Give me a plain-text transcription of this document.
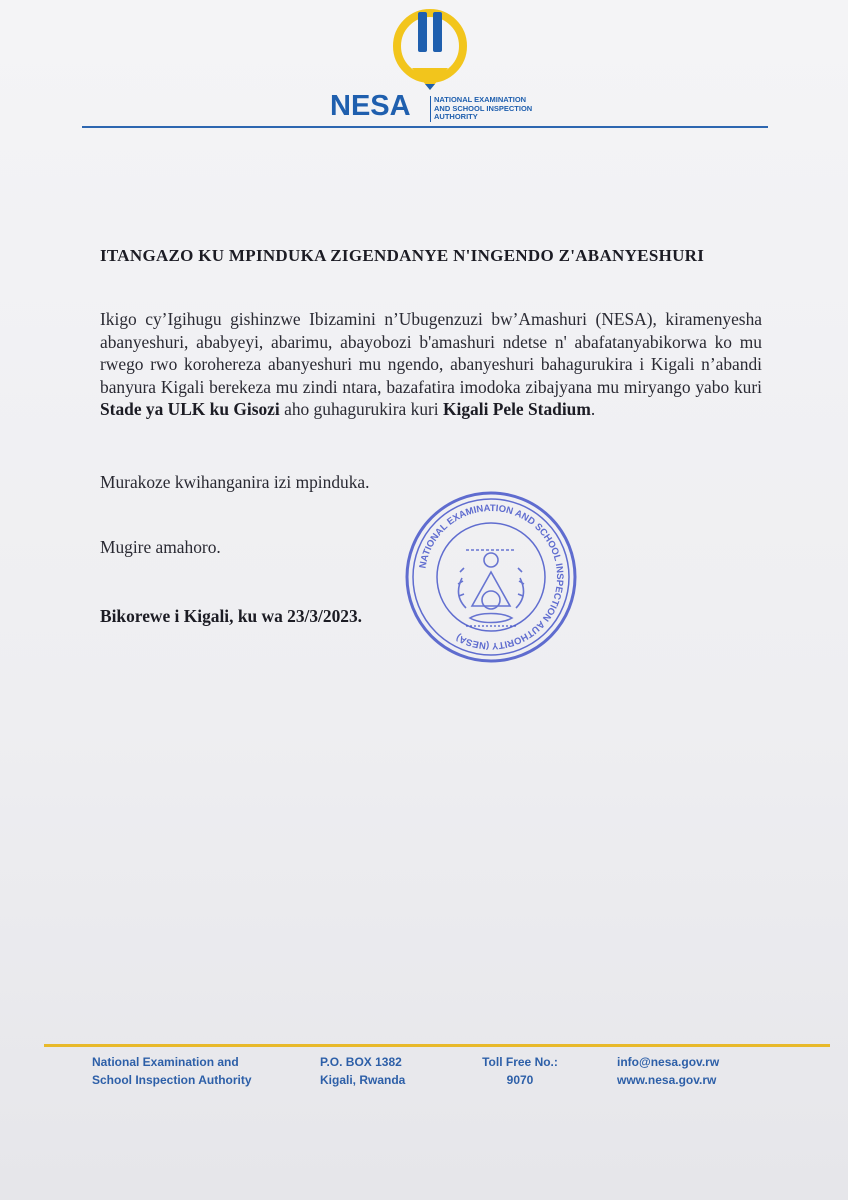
NESA	NATIONAL EXAMINATION
AND SCHOOL INSPECTION
AUTHORITY
ITANGAZO KU MPINDUKA ZIGENDANYE N'INGENDO Z'ABANYESHURI
Ikigo cy’Igihugu gishinzwe Ibizamini n’Ubugenzuzi bw’Amashuri (NESA), kiramenyesha abanyeshuri, ababyeyi, abarimu, abayobozi b'amashuri ndetse n' abafatanyabikorwa ko mu rwego rwo korohereza abanyeshuri mu ngendo, abanyeshuri bahagurukira i Kigali n’abandi banyura Kigali berekeza mu zindi ntara, bazafatira imodoka zibajyana mu miryango yabo kuri Stade ya ULK ku Gisozi aho guhagurukira kuri Kigali Pele Stadium.
Murakoze kwihanganira izi mpinduka.
Mugire amahoro.
Bikorewe i Kigali, ku wa 23/3/2023.
NATIONAL EXAMINATION AND SCHOOL INSPECTION AUTHORITY (NESA)
National Examination and
School Inspection Authority
P.O. BOX 1382
Kigali, Rwanda
Toll Free No.:
9070
info@nesa.gov.rw
www.nesa.gov.rw
